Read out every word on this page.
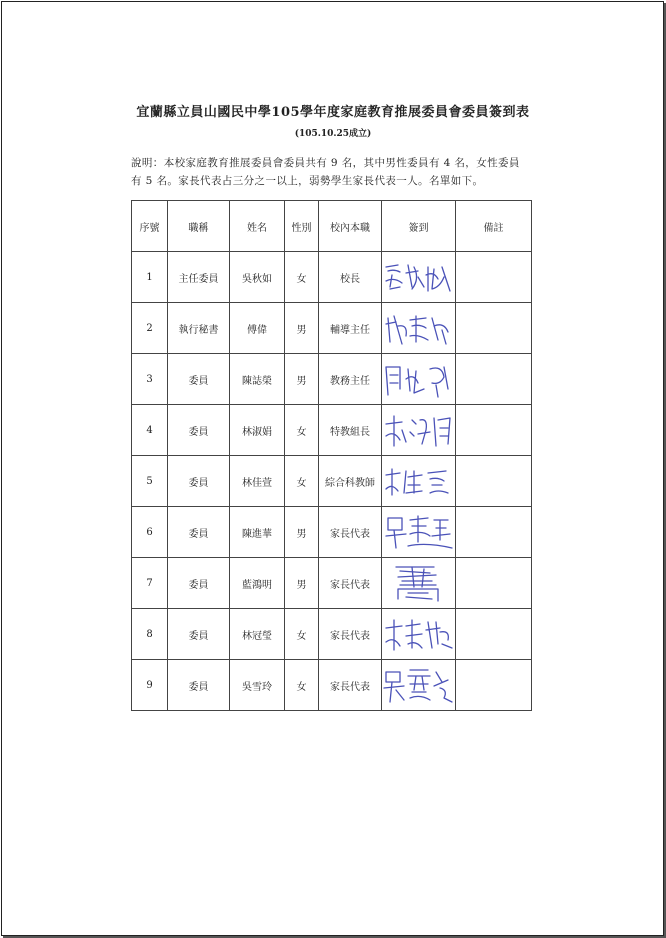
宜蘭縣立員山國民中學105學年度家庭教育推展委員會委員簽到表
(105.10.25成立)
說明：本校家庭教育推展委員會委員共有 9 名，其中男性委員有 4 名，女性委員
有 5 名。家長代表占三分之一以上，弱勢學生家長代表一人。名單如下。
序號	職稱	姓名	性別	校內本職	簽到	備註
1	主任委員	吳秋如	女	校長	

2	執行秘書	傅偉	男	輔導主任	

3	委員	陳誌榮	男	教務主任	

4	委員	林淑娟	女	特教組長	

5	委員	林佳萱	女	綜合科教師	

6	委員	陳進華	男	家長代表	

7	委員	藍鴻明	男	家長代表	

8	委員	林冠瑩	女	家長代表	

9	委員	吳雪玲	女	家長代表	
